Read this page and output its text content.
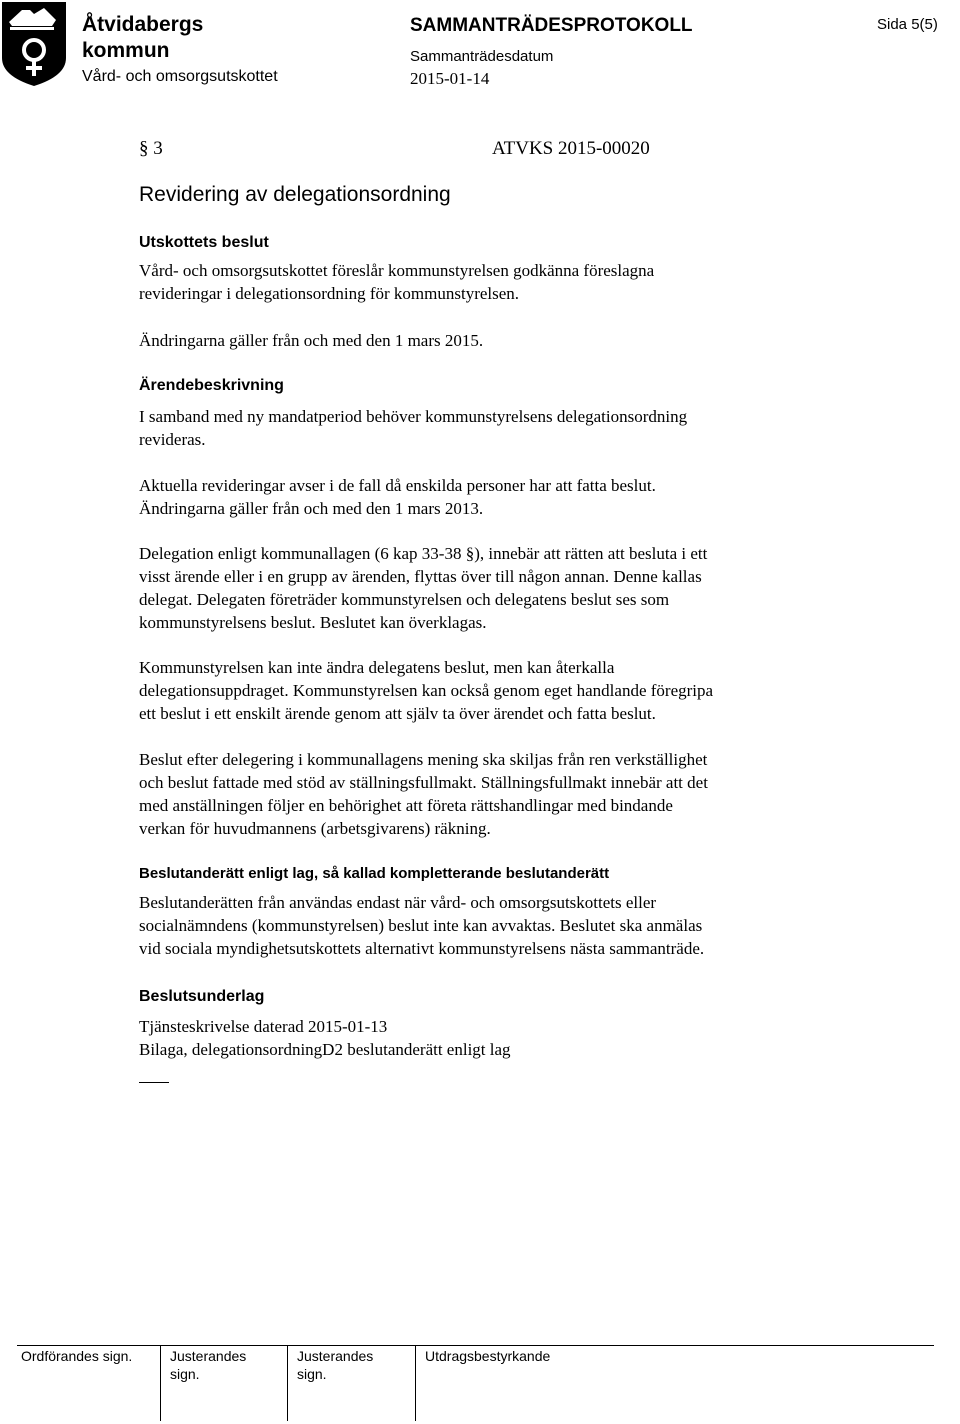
Åtvidabergs
kommun
Vård- och omsorgsutskottet
SAMMANTRÄDESPROTOKOLL
Sammanträdesdatum
2015-01-14
Sida 5(5)
§ 3	ATVKS 2015-00020
Revidering av delegationsordning
Utskottets beslut
Vård- och omsorgsutskottet föreslår kommunstyrelsen godkänna föreslagna
revideringar i delegationsordning för kommunstyrelsen.
Ändringarna gäller från och med den 1 mars 2015.
Ärendebeskrivning
I samband med ny mandatperiod behöver kommunstyrelsens delegationsordning
revideras.
Aktuella revideringar avser i de fall då enskilda personer har att fatta beslut.
Ändringarna gäller från och med den 1 mars 2013.
Delegation enligt kommunallagen (6 kap 33-38 §), innebär att rätten att besluta i ett
visst ärende eller i en grupp av ärenden, flyttas över till någon annan. Denne kallas
delegat. Delegaten företräder kommunstyrelsen och delegatens beslut ses som
kommunstyrelsens beslut. Beslutet kan överklagas.
Kommunstyrelsen kan inte ändra delegatens beslut, men kan återkalla
delegationsuppdraget. Kommunstyrelsen kan också genom eget handlande föregripa
ett beslut i ett enskilt ärende genom att själv ta över ärendet och fatta beslut.
Beslut efter delegering i kommunallagens mening ska skiljas från ren verkställighet
och beslut fattade med stöd av ställningsfullmakt. Ställningsfullmakt innebär att det
med anställningen följer en behörighet att företa rättshandlingar med bindande
verkan för huvudmannens (arbetsgivarens) räkning.
Beslutanderätt enligt lag, så kallad kompletterande beslutanderätt
Beslutanderätten från användas endast när vård- och omsorgsutskottets eller
socialnämndens (kommunstyrelsen) beslut inte kan avvaktas. Beslutet ska anmälas
vid sociala myndighetsutskottets alternativt kommunstyrelsens nästa sammanträde.
Beslutsunderlag
Tjänsteskrivelse daterad 2015-01-13
Bilaga, delegationsordningD2 beslutanderätt enligt lag
Ordförandes sign.	Justerandes
sign.
Justerandes
sign.
Utdragsbestyrkande
